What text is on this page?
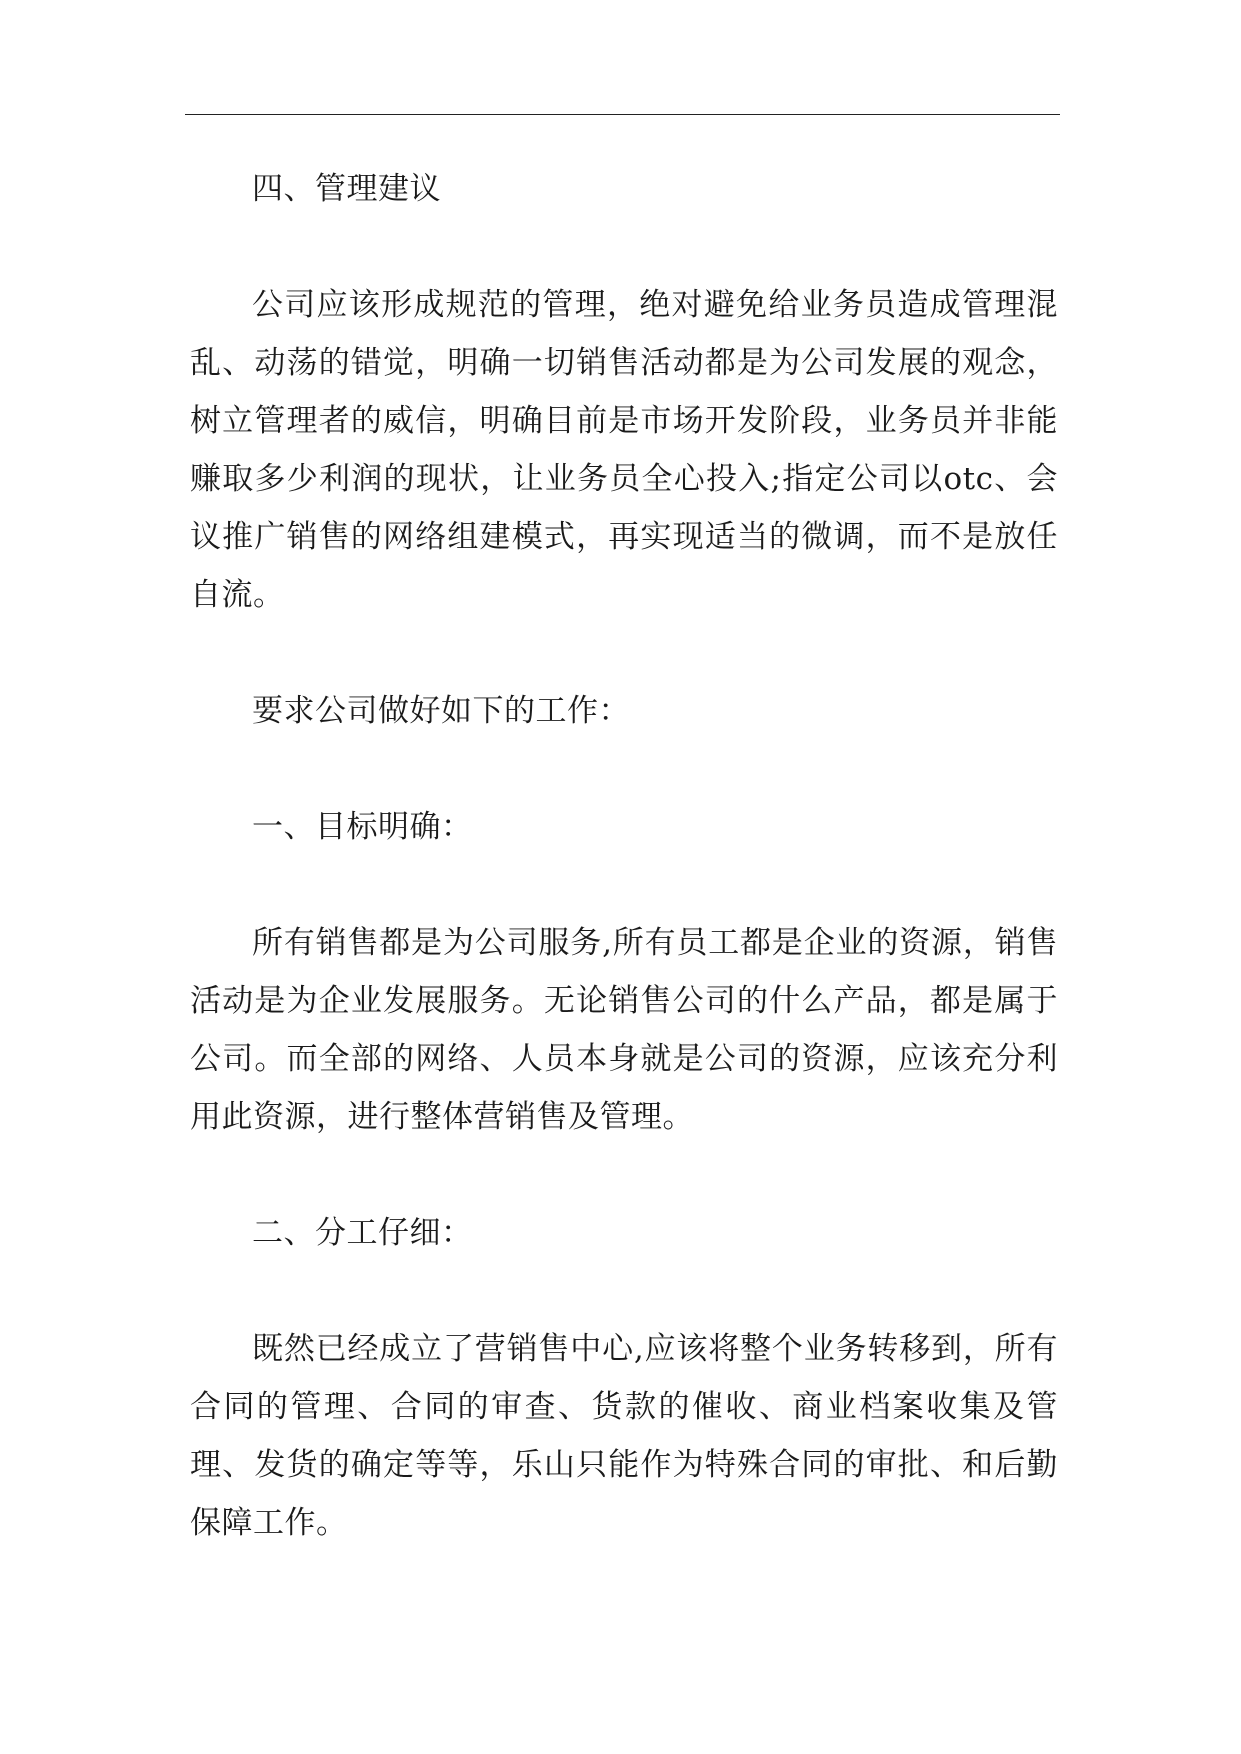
四、管理建议

公司应该形成规范的管理，绝对避免给业务员造成管理混乱、动荡的错觉，明确一切销售活动都是为公司发展的观念，树立管理者的威信，明确目前是市场开发阶段，业务员并非能赚取多少利润的现状，让业务员全心投入;指定公司以otc、会议推广销售的网络组建模式，再实现适当的微调，而不是放任自流。

要求公司做好如下的工作：

一、目标明确：

所有销售都是为公司服务,所有员工都是企业的资源，销售活动是为企业发展服务。无论销售公司的什么产品，都是属于公司。而全部的网络、人员本身就是公司的资源，应该充分利用此资源，进行整体营销售及管理。

二、分工仔细：

既然已经成立了营销售中心,应该将整个业务转移到，所有合同的管理、合同的审查、货款的催收、商业档案收集及管理、发货的确定等等，乐山只能作为特殊合同的审批、和后勤保障工作。
